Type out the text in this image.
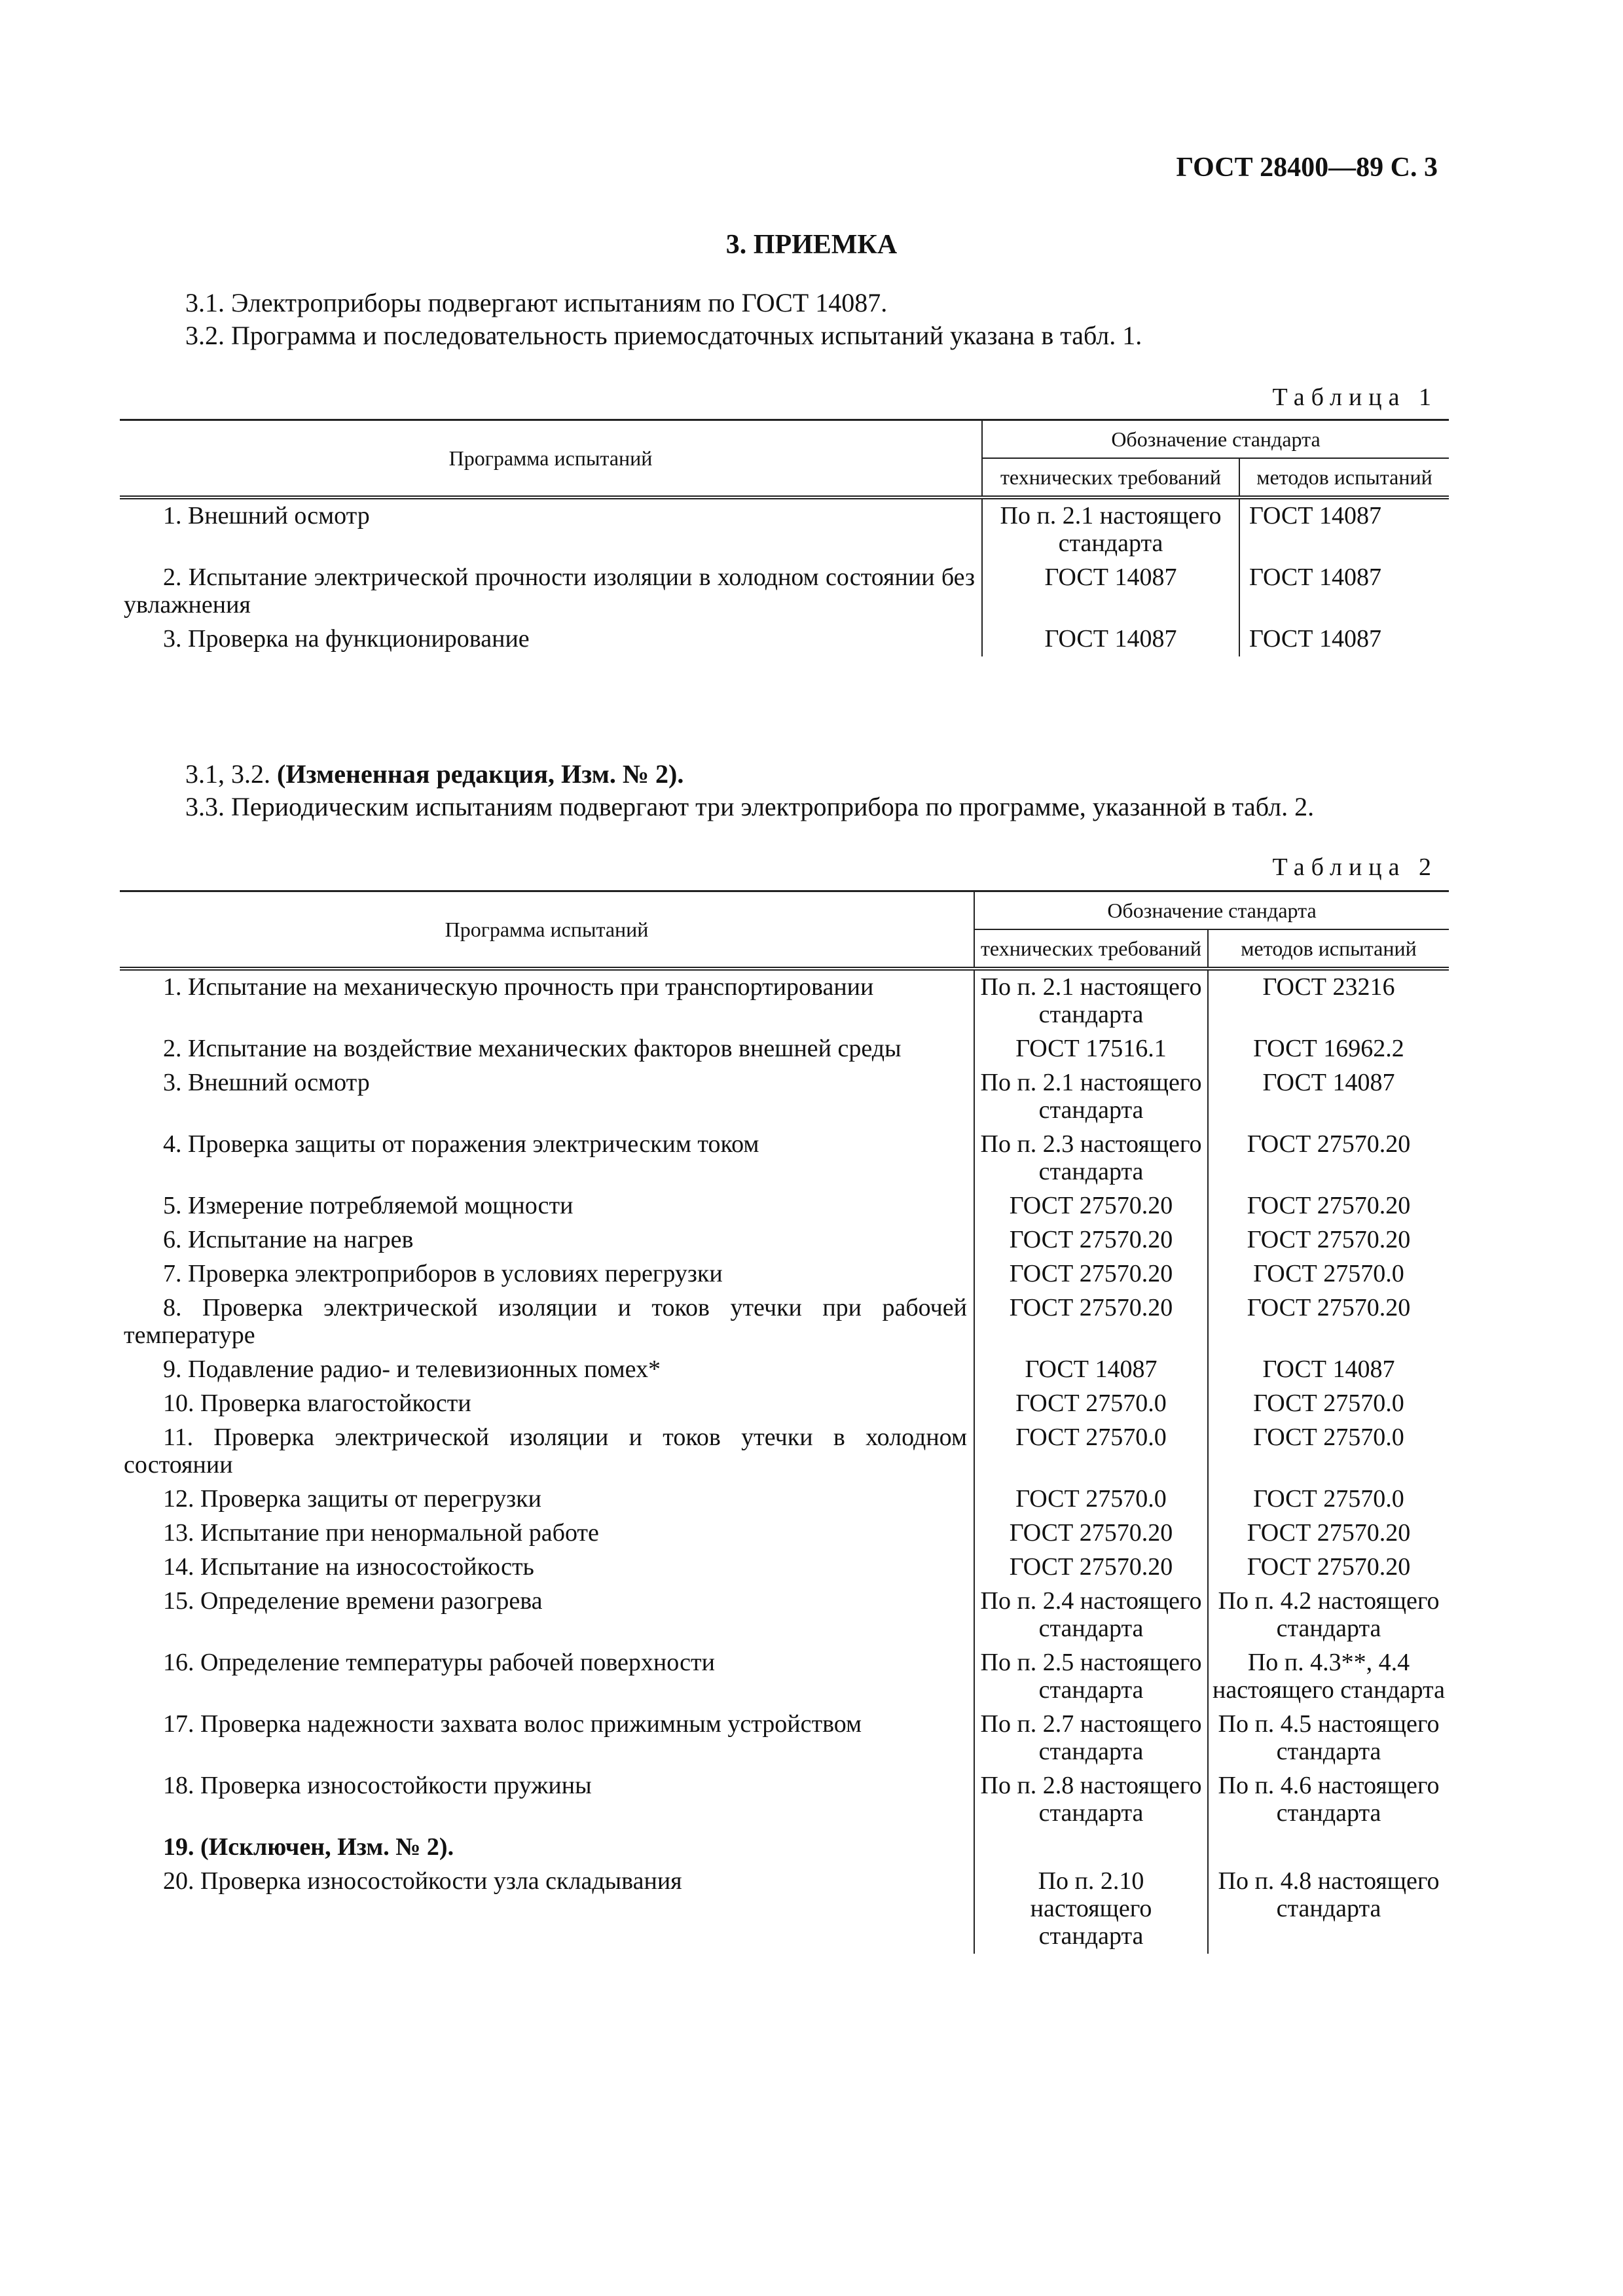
ГОСТ 28400—89 С. 3
3. ПРИЕМКА
3.1. Электроприборы подвергают испытаниям по ГОСТ 14087.
3.2. Программа и последовательность приемосдаточных испытаний указана в табл. 1.
Таблица 1
Программа испытаний	Обозначение стандарта	
	технических требований	методов испытаний
1. Внешний осмотр	По п. 2.1 настоящего стандарта	ГОСТ 14087
2. Испытание электрической прочности изоляции в холодном состоянии без увлажнения	ГОСТ 14087	ГОСТ 14087
3. Проверка на функционирование	ГОСТ 14087	ГОСТ 14087
3.1, 3.2. (Измененная редакция, Изм. № 2).
3.3. Периодическим испытаниям подвергают три электроприбора по программе, указанной в табл. 2.
Таблица 2
Программа испытаний	Обозначение стандарта	
	технических требований	методов испытаний
1. Испытание на механическую прочность при транспортировании	По п. 2.1 настоящего стандарта	ГОСТ 23216
2. Испытание на воздействие механических факторов внешней среды	ГОСТ 17516.1	ГОСТ 16962.2
3. Внешний осмотр	По п. 2.1 настоящего стандарта	ГОСТ 14087
4. Проверка защиты от поражения электрическим током	По п. 2.3 настоящего стандарта	ГОСТ 27570.20
5. Измерение потребляемой мощности	ГОСТ 27570.20	ГОСТ 27570.20
6. Испытание на нагрев	ГОСТ 27570.20	ГОСТ 27570.20
7. Проверка электроприборов в условиях перегрузки	ГОСТ 27570.20	ГОСТ 27570.0
8. Проверка электрической изоляции и токов утечки при рабочей температуре	ГОСТ 27570.20	ГОСТ 27570.20
9. Подавление радио- и телевизионных помех*	ГОСТ 14087	ГОСТ 14087
10. Проверка влагостойкости	ГОСТ 27570.0	ГОСТ 27570.0
11. Проверка электрической изоляции и токов утечки в холодном состоянии	ГОСТ 27570.0	ГОСТ 27570.0
12. Проверка защиты от перегрузки	ГОСТ 27570.0	ГОСТ 27570.0
13. Испытание при ненормальной работе	ГОСТ 27570.20	ГОСТ 27570.20
14. Испытание на износостойкость	ГОСТ 27570.20	ГОСТ 27570.20
15. Определение времени разогрева	По п. 2.4 настоящего стандарта	По п. 4.2 настоящего стандарта
16. Определение температуры рабочей поверхности	По п. 2.5 настоящего стандарта	По п. 4.3**, 4.4 настоящего стандарта
17. Проверка надежности захвата волос прижимным устройством	По п. 2.7 настоящего стандарта	По п. 4.5 настоящего стандарта
18. Проверка износостойкости пружины	По п. 2.8 настоящего стандарта	По п. 4.6 настоящего стандарта
19. (Исключен, Изм. № 2).		
20. Проверка износостойкости узла складывания	По п. 2.10 настоящего стандарта	По п. 4.8 настоящего стандарта
